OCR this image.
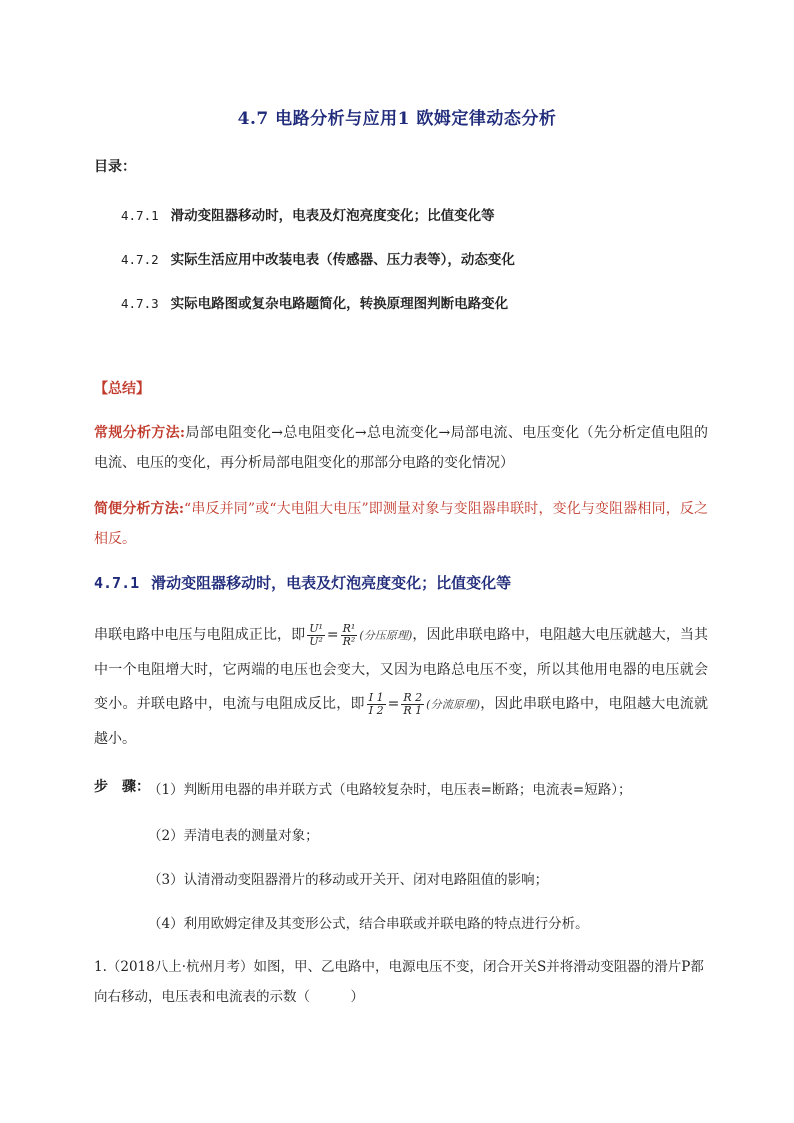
4.7 电路分析与应用1 欧姆定律动态分析
目录：
4.7.1 滑动变阻器移动时，电表及灯泡亮度变化；比值变化等
4.7.2 实际生活应用中改装电表（传感器、压力表等），动态变化
4.7.3 实际电路图或复杂电路题简化，转换原理图判断电路变化
【总结】
常规分析方法:局部电阻变化→总电阻变化→总电流变化→局部电流、电压变化（先分析定值电阻的电流、电压的变化，再分析局部电阻变化的那部分电路的变化情况）
简便分析方法:“串反并同”或“大电阻大电压”即测量对象与变阻器串联时，变化与变阻器相同，反之相反。
4.7.1 滑动变阻器移动时，电表及灯泡亮度变化；比值变化等
串联电路中电压与电阻成正比，即 $\frac{\text{U¹}}{\text{U²}} = \frac{\text{R¹}}{\text{R²}}$ (分压原理)，因此串联电路中，电阻越大电压就越大，当其中一个电阻增大时，它两端的电压也会变大，又因为电路总电压不变，所以其他用电器的电压就会变小。并联电路中，电流与电阻成反比，即 $\frac{I 1}{I 2} = \frac{R 2}{R 1}$ (分流原理)，因此串联电路中，电阻越大电流就越小。
步　骤：
（1）判断用电器的串并联方式（电路较复杂时，电压表=断路；电流表=短路）；
（2）弄清电表的测量对象；
（3）认清滑动变阻器滑片的移动或开关开、闭对电路阻值的影响；
（4）利用欧姆定律及其变形公式，结合串联或并联电路的特点进行分析。
1.（2018八上·杭州月考）如图，甲、乙电路中，电源电压不变，闭合开关S并将滑动变阻器的滑片P都向右移动，电压表和电流表的示数（　　　）
